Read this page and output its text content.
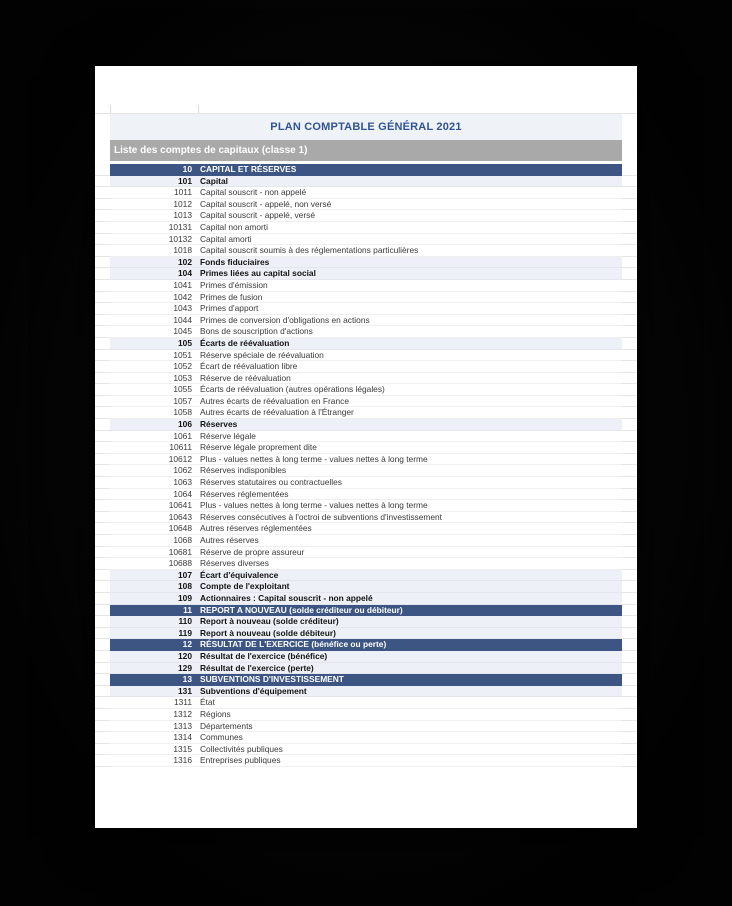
PLAN COMPTABLE GÉNÉRAL 2021
Liste des comptes de capitaux (classe 1)
10 CAPITAL ET RÉSERVES
101 Capital
1011 Capital souscrit - non appelé
1012 Capital souscrit - appelé, non versé
1013 Capital souscrit - appelé, versé
10131 Capital non amorti
10132 Capital amorti
1018 Capital souscrit soumis à des réglementations particulières
102 Fonds fiduciaires
104 Primes liées au capital social
1041 Primes d'émission
1042 Primes de fusion
1043 Primes d'apport
1044 Primes de conversion d'obligations en actions
1045 Bons de souscription d'actions
105 Écarts de réévaluation
1051 Réserve spéciale de réévaluation
1052 Écart de réévaluation libre
1053 Réserve de réévaluation
1055 Écarts de réévaluation (autres opérations légales)
1057 Autres écarts de réévaluation en France
1058 Autres écarts de réévaluation à l'Étranger
106 Réserves
1061 Réserve légale
10611 Réserve légale proprement dite
10612 Plus - values nettes à long terme - values nettes à long terme
1062 Réserves indisponibles
1063 Réserves statutaires ou contractuelles
1064 Réserves réglementées
10641 Plus - values nettes à long terme - values nettes à long terme
10643 Réserves consécutives à l'octroi de subventions d'investissement
10648 Autres réserves réglementées
1068 Autres réserves
10681 Réserve de propre assureur
10688 Réserves diverses
107 Écart d'équivalence
108 Compte de l'exploitant
109 Actionnaires : Capital souscrit - non appelé
11 REPORT A NOUVEAU (solde créditeur ou débiteur)
110 Report à nouveau (solde créditeur)
119 Report à nouveau (solde débiteur)
12 RÉSULTAT DE L'EXERCICE (bénéfice ou perte)
120 Résultat de l'exercice (bénéfice)
129 Résultat de l'exercice (perte)
13 SUBVENTIONS D'INVESTISSEMENT
131 Subventions d'équipement
1311 État
1312 Régions
1313 Départements
1314 Communes
1315 Collectivités publiques
1316 Entreprises publiques
